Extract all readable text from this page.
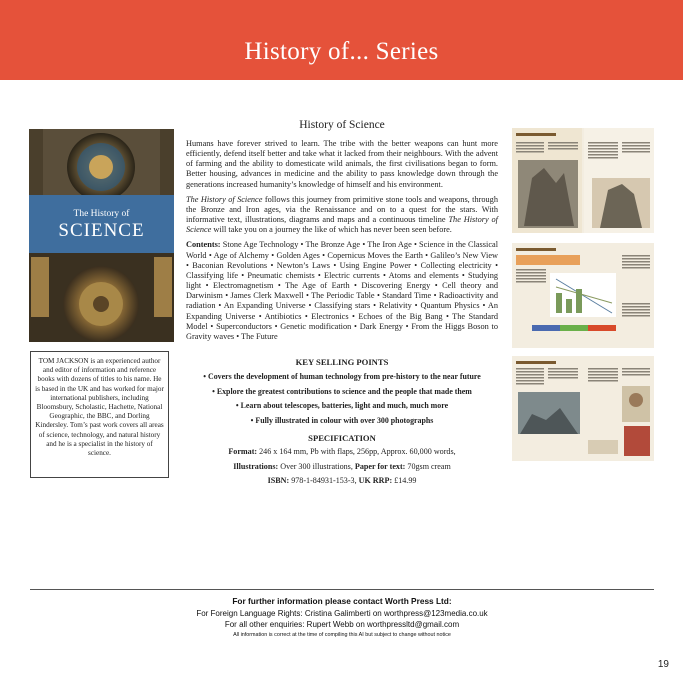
History of... Series
History of Science
The History of
SCIENCE
TOM JACKSON is an experienced author and editor of information and reference books with dozens of titles to his name. He is based in the UK and has worked for major international publishers, including Bloomsbury, Scholastic, Hachette, National Geographic, the BBC, and Dorling Kindersley. Tom’s past work covers all areas of science, technology, and natural history and he is a specialist in the history of science.

Humans have forever strived to learn. The tribe with the better weapons can hunt more efficiently, defend itself better and take what it lacked from their neighbours. With the advent of farming and the ability to domesticate wild animals, the first civilisations began to form. Better housing, advances in medicine and the ability to pass knowledge down through the generations increased humanity’s knowledge of himself and his environment.

The History of Science follows this journey from primitive stone tools and weapons, through the Bronze and Iron ages, via the Renaissance and on to a quest for the stars. With informative text, illustrations, diagrams and maps and a continuous timeline The History of Science will take you on a journey the like of which has never been seen before.

Contents: Stone Age Technology • The Bronze Age • The Iron Age • Science in the Classical World • Age of Alchemy • Golden Ages • Copernicus Moves the Earth • Galileo’s New View • Baconian Revolutions • Newton’s Laws • Using Engine Power • Collecting electricity • Classifying life • Pneumatic chemists • Electric currents • Atoms and elements • Studying light • Electromagnetism • The Age of Earth • Discovering Energy • Cell theory and Darwinism • James Clerk Maxwell • The Periodic Table • Standard Time • Radioactivity and radiation • An Expanding Universe • Classifying stars • Relativity • Quantum Physics • An Expanding Universe • Antibiotics • Electronics • Echoes of the Big Bang • The Standard Model • Superconductors • Genetic modification • Dark Energy • From the Higgs Boson to Gravity waves • The Future

KEY SELLING POINTS
• Covers the development of human technology from pre-history to the near future
• Explore the greatest contributions to science and the people that made them
• Learn about telescopes, batteries, light and much, much more
• Fully illustrated in colour with over 300 photographs
SPECIFICATION
Format: 246 x 164 mm, Pb with flaps, 256pp, Approx. 60,000 words,
Illustrations: Over 300 illustrations, Paper for text: 70gsm cream
ISBN: 978-1-84931-153-3, UK RRP: £14.99
For further information please contact Worth Press Ltd:
For Foreign Language Rights: Cristina Galimberti on worthpress@123media.co.uk
For all other enquiries: Rupert Webb on worthpressltd@gmail.com
All information is correct at the time of compiling this AI but subject to change without notice
19
